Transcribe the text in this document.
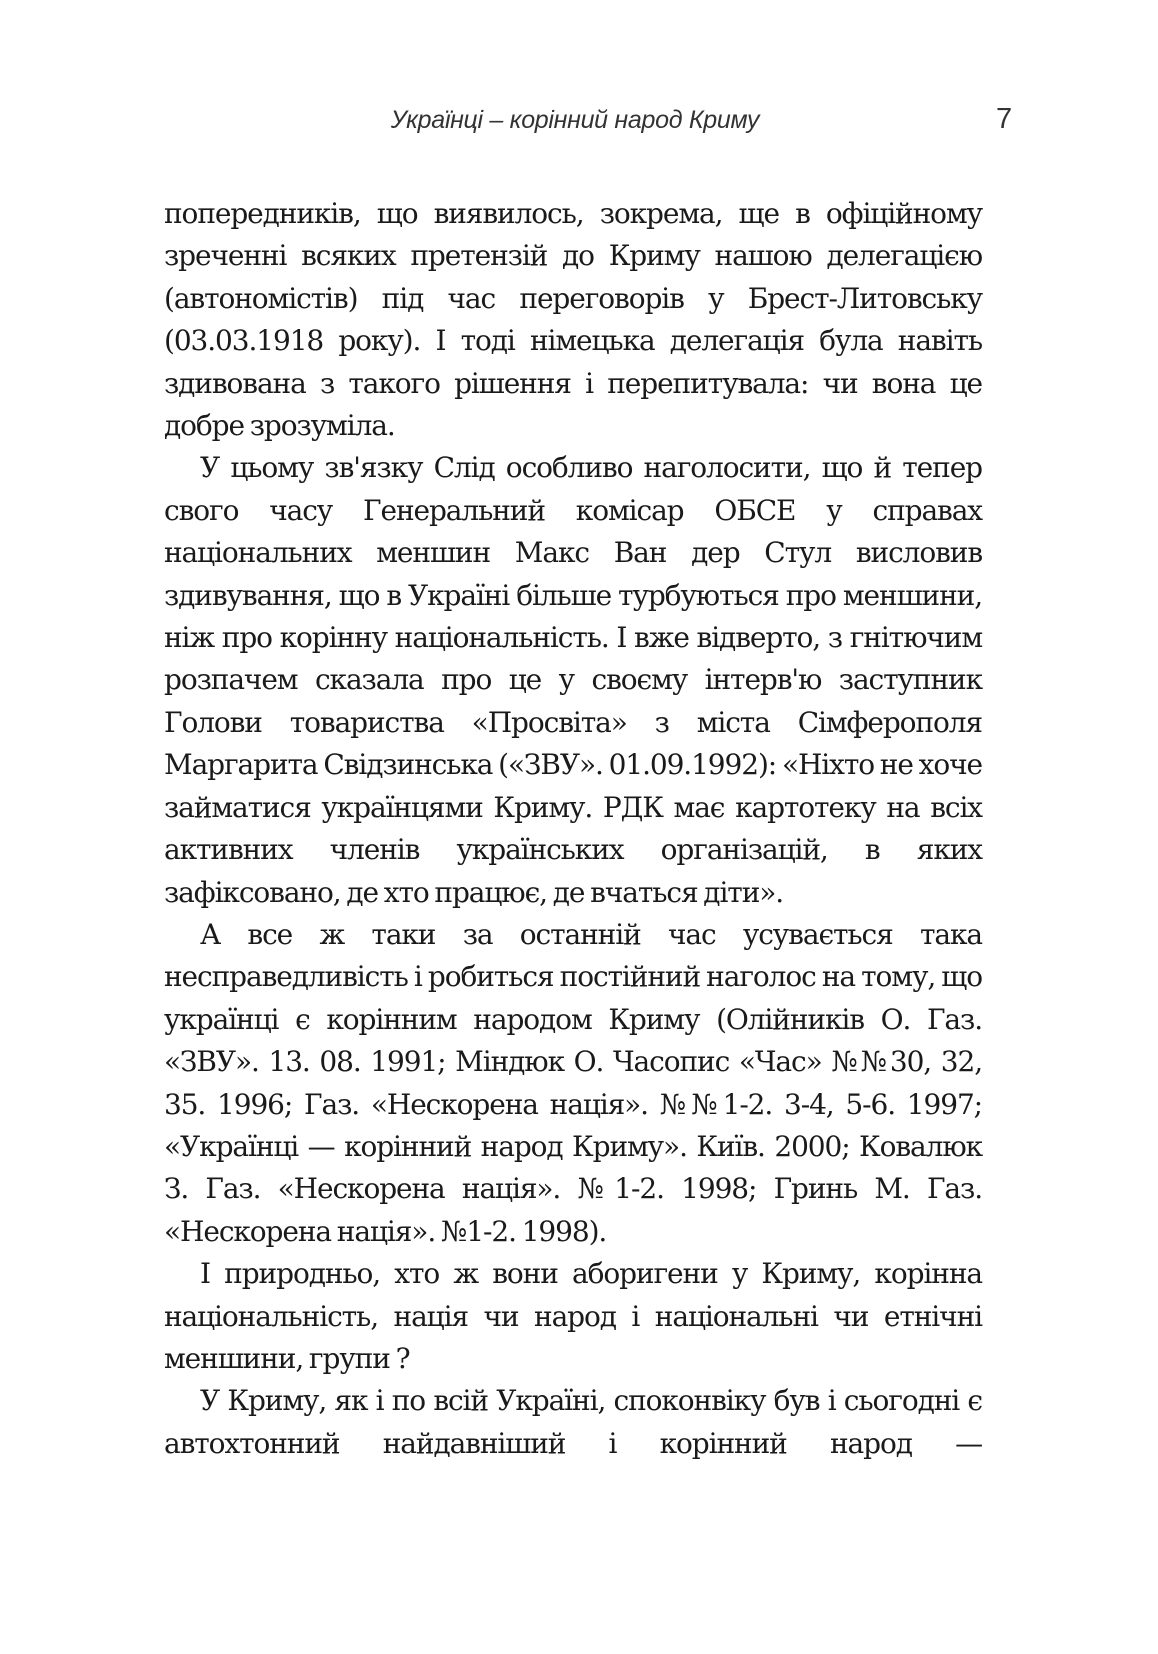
Українці – корінний народ Криму	7

попередників, що виявилось, зокрема, ще в офіційному зреченні всяких претензій до Криму нашою делегацією (автономістів) під час переговорів у Брест-Литовську (03.03.1918 року). І тоді німецька делегація була навіть здивована з такого рішення і перепитувала: чи вона це добре зрозуміла.

У цьому зв'язку Слід особливо наголосити, що й тепер свого часу Генеральний комісар ОБСЕ у справах національних меншин Макс Ван дер Стул висловив здивування, що в Україні більше турбуються про меншини, ніж про корінну національність. І вже відверто, з гнітючим розпачем сказала про це у своєму інтерв'ю заступник Голови товариства «Просвіта» з міста Сімферополя Маргарита Свідзинська («ЗВУ». 01.09.1992): «Ніхто не хоче займатися українцями Криму. РДК має картотеку на всіх активних членів українських організацій, в яких зафіксовано, де хто працює, де вчаться діти».

А все ж таки за останній час усувається така несправедливість і робиться постійний наголос на тому, що українці є корінним народом Криму (Олійників О. Газ. «ЗВУ». 13. 08. 1991; Міндюк О. Часопис «Час» №№30, 32, 35. 1996; Газ. «Нескорена нація». №№1-2. 3-4, 5-6. 1997; «Українці — корінний народ Криму». Київ. 2000; Ковалюк З. Газ. «Нескорена нація». №1-2. 1998; Гринь М. Газ. «Нескорена нація». №1-2. 1998).

І природньо, хто ж вони аборигени у Криму, корінна національність, нація чи народ і національні чи етнічні меншини, групи ?

У Криму, як і по всій Україні, споконвіку був і сьогодні є автохтонний найдавніший і корінний народ —
